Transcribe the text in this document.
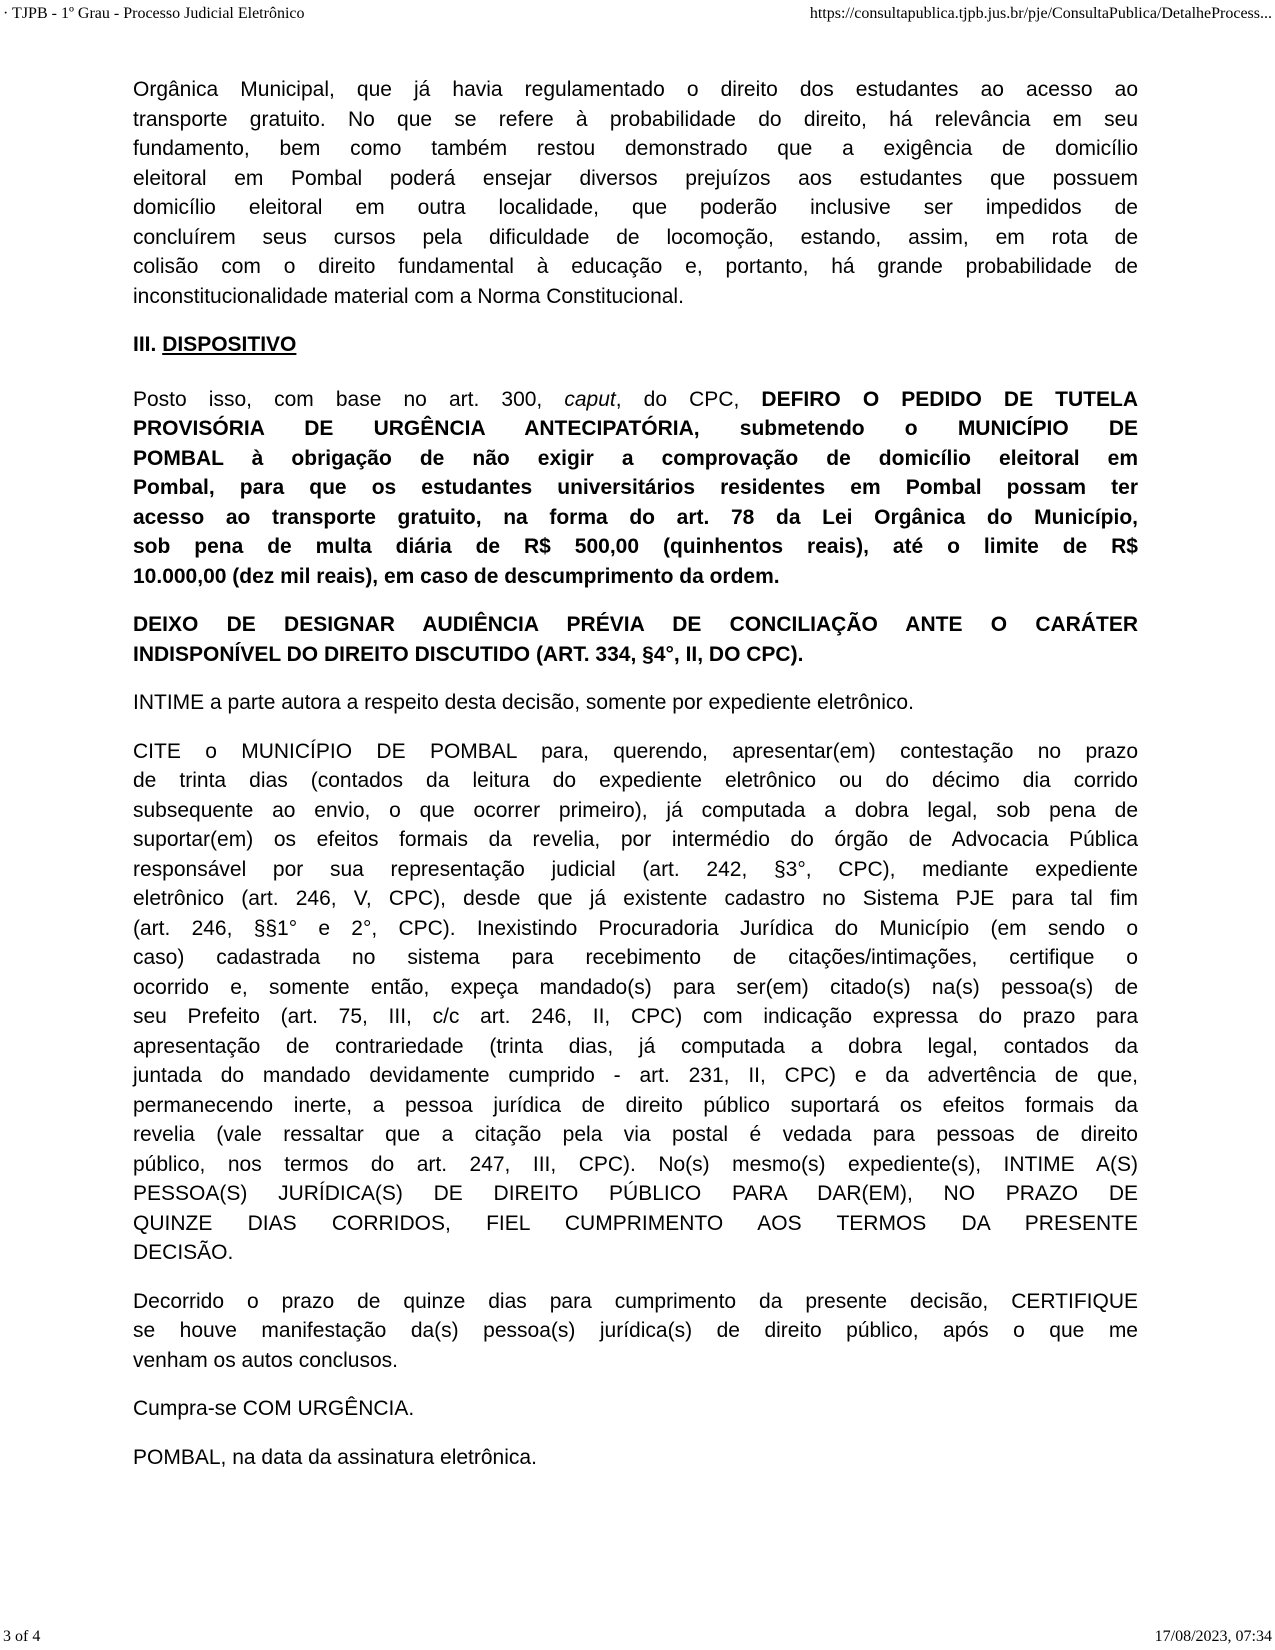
· TJPB - 1º Grau - Processo Judicial Eletrônico	https://consultapublica.tjpb.jus.br/pje/ConsultaPublica/DetalheProcess...
Orgânica Municipal, que já havia regulamentado o direito dos estudantes ao acesso ao
transporte gratuito. No que se refere à probabilidade do direito, há relevância em seu
fundamento, bem como também restou demonstrado que a exigência de domicílio
eleitoral em Pombal poderá ensejar diversos prejuízos aos estudantes que possuem
domicílio eleitoral em outra localidade, que poderão inclusive ser impedidos de
concluírem seus cursos pela dificuldade de locomoção, estando, assim, em rota de
colisão com o direito fundamental à educação e, portanto, há grande probabilidade de
inconstitucionalidade material com a Norma Constitucional.
III. DISPOSITIVO
Posto isso, com base no art. 300, caput, do CPC, DEFIRO O PEDIDO DE TUTELA
PROVISÓRIA DE URGÊNCIA ANTECIPATÓRIA, submetendo o MUNICÍPIO DE
POMBAL à obrigação de não exigir a comprovação de domicílio eleitoral em
Pombal, para que os estudantes universitários residentes em Pombal possam ter
acesso ao transporte gratuito, na forma do art. 78 da Lei Orgânica do Município,
sob pena de multa diária de R$ 500,00 (quinhentos reais), até o limite de R$
10.000,00 (dez mil reais), em caso de descumprimento da ordem.
DEIXO DE DESIGNAR AUDIÊNCIA PRÉVIA DE CONCILIAÇÃO ANTE O CARÁTER
INDISPONÍVEL DO DIREITO DISCUTIDO (ART. 334, §4°, II, DO CPC).
INTIME a parte autora a respeito desta decisão, somente por expediente eletrônico.
CITE o MUNICÍPIO DE POMBAL para, querendo, apresentar(em) contestação no prazo
de trinta dias (contados da leitura do expediente eletrônico ou do décimo dia corrido
subsequente ao envio, o que ocorrer primeiro), já computada a dobra legal, sob pena de
suportar(em) os efeitos formais da revelia, por intermédio do órgão de Advocacia Pública
responsável por sua representação judicial (art. 242, §3°, CPC), mediante expediente
eletrônico (art. 246, V, CPC), desde que já existente cadastro no Sistema PJE para tal fim
(art. 246, §§1° e 2°, CPC). Inexistindo Procuradoria Jurídica do Município (em sendo o
caso) cadastrada no sistema para recebimento de citações/intimações, certifique o
ocorrido e, somente então, expeça mandado(s) para ser(em) citado(s) na(s) pessoa(s) de
seu Prefeito (art. 75, III, c/c art. 246, II, CPC) com indicação expressa do prazo para
apresentação de contrariedade (trinta dias, já computada a dobra legal, contados da
juntada do mandado devidamente cumprido - art. 231, II, CPC) e da advertência de que,
permanecendo inerte, a pessoa jurídica de direito público suportará os efeitos formais da
revelia (vale ressaltar que a citação pela via postal é vedada para pessoas de direito
público, nos termos do art. 247, III, CPC). No(s) mesmo(s) expediente(s), INTIME A(S)
PESSOA(S) JURÍDICA(S) DE DIREITO PÚBLICO PARA DAR(EM), NO PRAZO DE
QUINZE DIAS CORRIDOS, FIEL CUMPRIMENTO AOS TERMOS DA PRESENTE
DECISÃO.
Decorrido o prazo de quinze dias para cumprimento da presente decisão, CERTIFIQUE
se houve manifestação da(s) pessoa(s) jurídica(s) de direito público, após o que me
venham os autos conclusos.
Cumpra-se COM URGÊNCIA.
POMBAL, na data da assinatura eletrônica.
3 of 4	17/08/2023, 07:34
